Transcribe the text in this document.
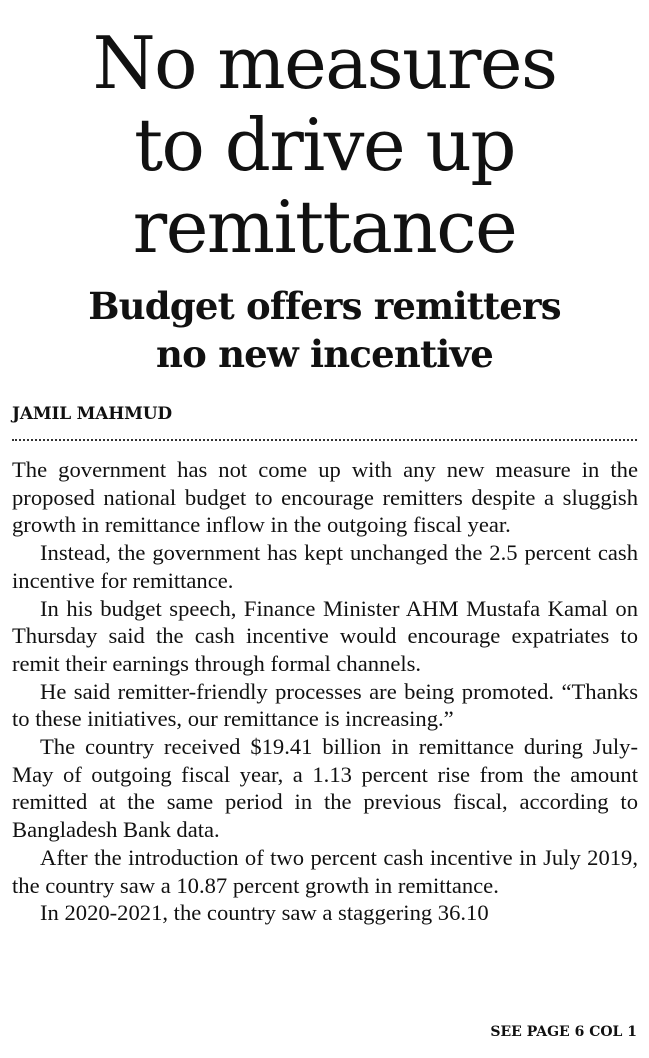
No measures
to drive up
remittance
Budget offers remitters
no new incentive
JAMIL MAHMUD

The government has not come up with any new measure in the proposed national budget to encourage remitters despite a sluggish growth in remittance inflow in the outgoing fiscal year.

Instead, the government has kept unchanged the 2.5 percent cash incentive for remittance.

In his budget speech, Finance Minister AHM Mustafa Kamal on Thursday said the cash incentive would encourage expatriates to remit their earnings through formal channels.

He said remitter-friendly processes are being promoted. “Thanks to these initiatives, our remittance is increasing.”

The country received $19.41 billion in remittance during July-May of outgoing fiscal year, a 1.13 percent rise from the amount remitted at the same period in the previous fiscal, according to Bangladesh Bank data.

After the introduction of two percent cash incentive in July 2019, the country saw a 10.87 percent growth in remittance.

In 2020-2021, the country saw a staggering 36.10

SEE PAGE 6 COL 1
